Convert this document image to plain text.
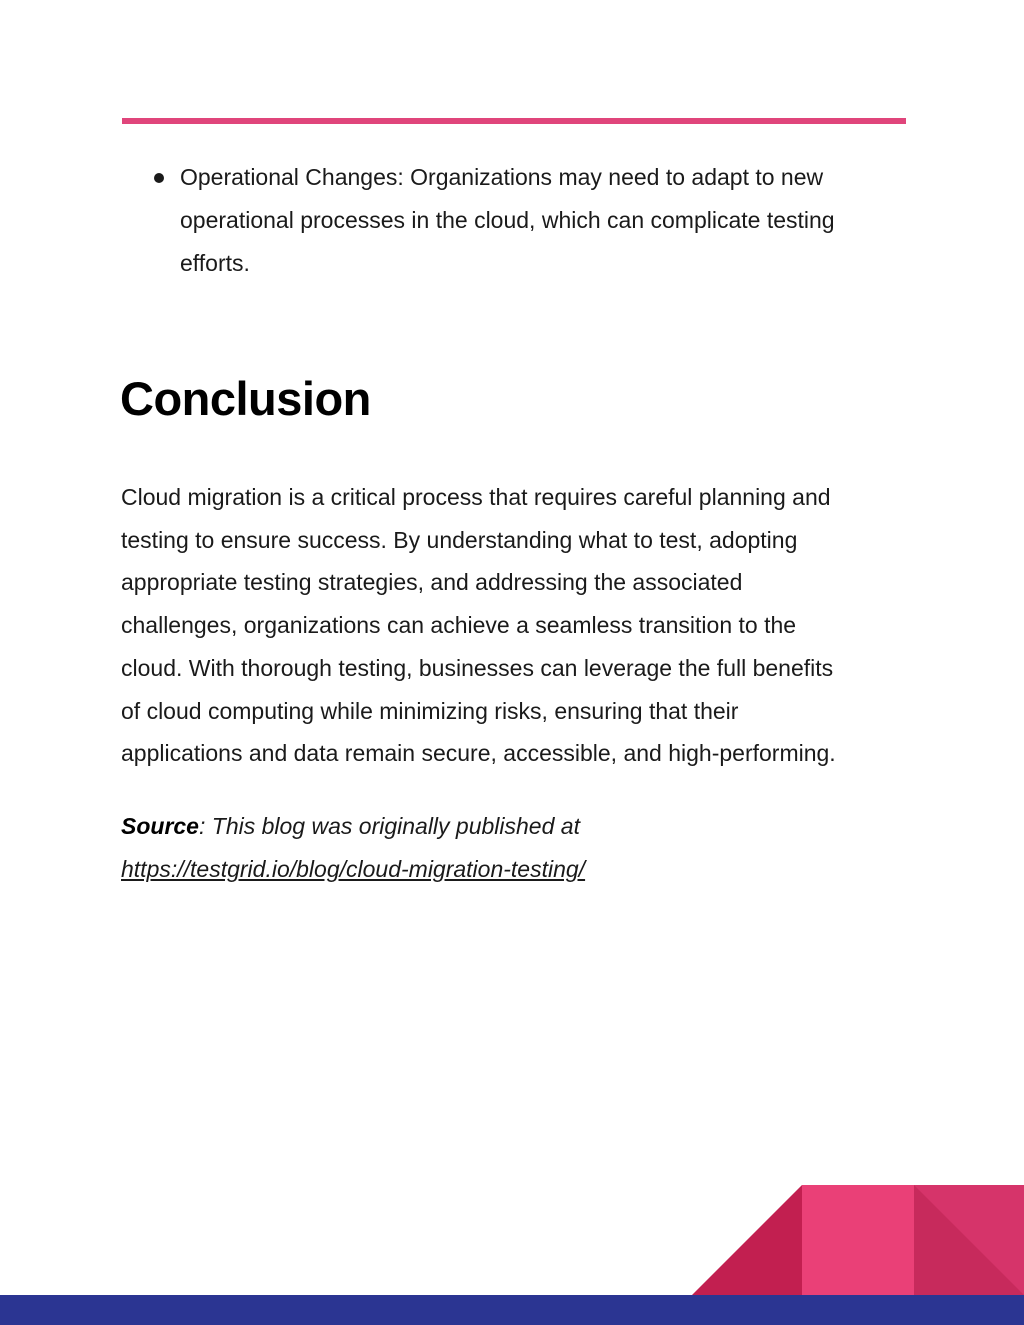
Operational Changes: Organizations may need to adapt to new
operational processes in the cloud, which can complicate testing
efforts.
Conclusion

Cloud migration is a critical process that requires careful planning and
testing to ensure success. By understanding what to test, adopting
appropriate testing strategies, and addressing the associated
challenges, organizations can achieve a seamless transition to the
cloud. With thorough testing, businesses can leverage the full benefits
of cloud computing while minimizing risks, ensuring that their
applications and data remain secure, accessible, and high-performing.

Source: This blog was originally published at
https://testgrid.io/blog/cloud-migration-testing/
